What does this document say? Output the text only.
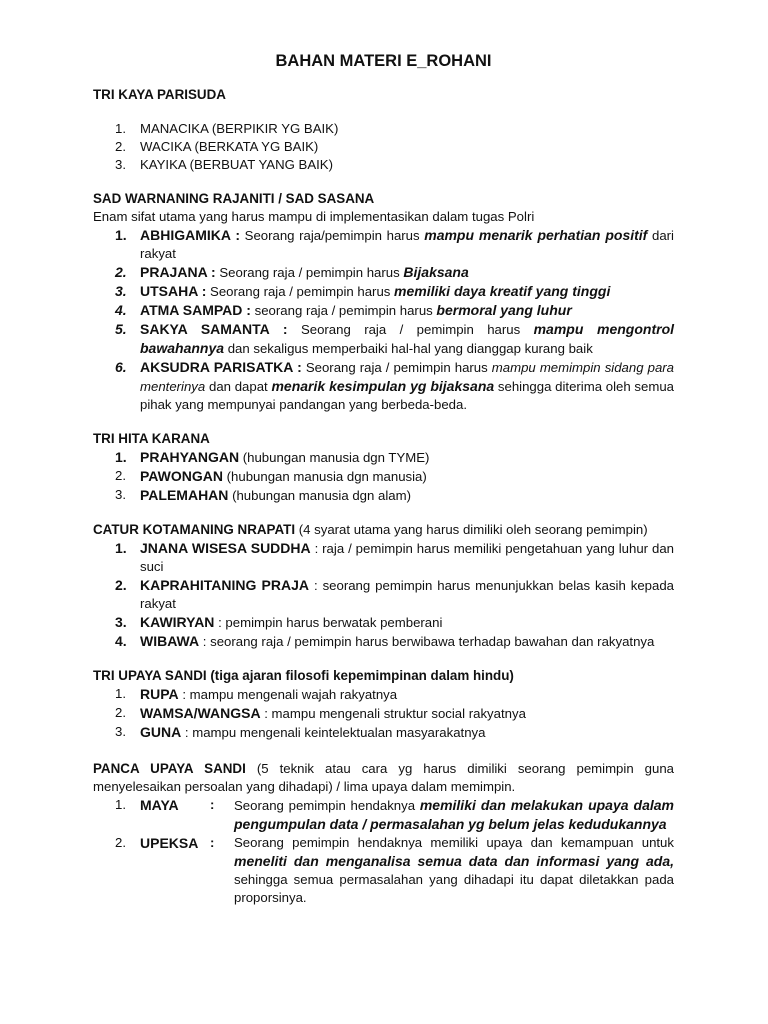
BAHAN MATERI E_ROHANI
TRI KAYA PARISUDA
1.	MANACIKA (BERPIKIR YG BAIK)
2.	WACIKA (BERKATA YG BAIK)
3.	KAYIKA (BERBUAT YANG BAIK)
SAD WARNANING RAJANITI / SAD SASANA
Enam sifat utama yang harus mampu di implementasikan dalam tugas Polri
1. ABHIGAMIKA : Seorang raja/pemimpin harus mampu menarik perhatian positif dari rakyat
2. PRAJANA : Seorang raja / pemimpin harus Bijaksana
3. UTSAHA : Seorang raja / pemimpin harus memiliki daya kreatif yang tinggi
4. ATMA SAMPAD : seorang raja / pemimpin harus bermoral yang luhur
5. SAKYA SAMANTA : Seorang raja / pemimpin harus mampu mengontrol bawahannya dan sekaligus memperbaiki hal-hal yang dianggap kurang baik
6. AKSUDRA PARISATKA : Seorang raja / pemimpin harus mampu memimpin sidang para menterinya dan dapat menarik kesimpulan yg bijaksana sehingga diterima oleh semua pihak yang mempunyai pandangan yang berbeda-beda.
TRI HITA KARANA
1. PRAHYANGAN (hubungan manusia dgn TYME)
2.	PAWONGAN (hubungan manusia dgn manusia)
3.	PALEMAHAN (hubungan manusia dgn alam)
CATUR KOTAMANING NRAPATI (4 syarat utama yang harus dimiliki oleh seorang pemimpin)
1. JNANA WISESA SUDDHA : raja / pemimpin harus memiliki pengetahuan yang luhur dan suci
2. KAPRAHITANING PRAJA : seorang pemimpin harus menunjukkan belas kasih kepada rakyat
3. KAWIRYAN : pemimpin harus berwatak pemberani
4. WIBAWA : seorang raja / pemimpin harus berwibawa terhadap bawahan dan rakyatnya
TRI UPAYA SANDI (tiga ajaran filosofi kepemimpinan dalam hindu)
1.	RUPA : mampu mengenali wajah rakyatnya
2.	WAMSA/WANGSA : mampu mengenali struktur social rakyatnya
3.	GUNA : mampu mengenali keintelektualan masyarakatnya
PANCA UPAYA SANDI (5 teknik atau cara yg harus dimiliki seorang pemimpin guna menyelesaikan persoalan yang dihadapi) / lima upaya dalam memimpin.
1.	MAYA	:	Seorang pemimpin hendaknya memiliki dan melakukan upaya dalam pengumpulan data / permasalahan yg belum jelas kedudukannya
2.	UPEKSA :	Seorang pemimpin hendaknya memiliki upaya dan kemampuan untuk meneliti dan menganalisa semua data dan informasi yang ada, sehingga semua permasalahan yang dihadapi itu dapat diletakkan pada proporsinya.
